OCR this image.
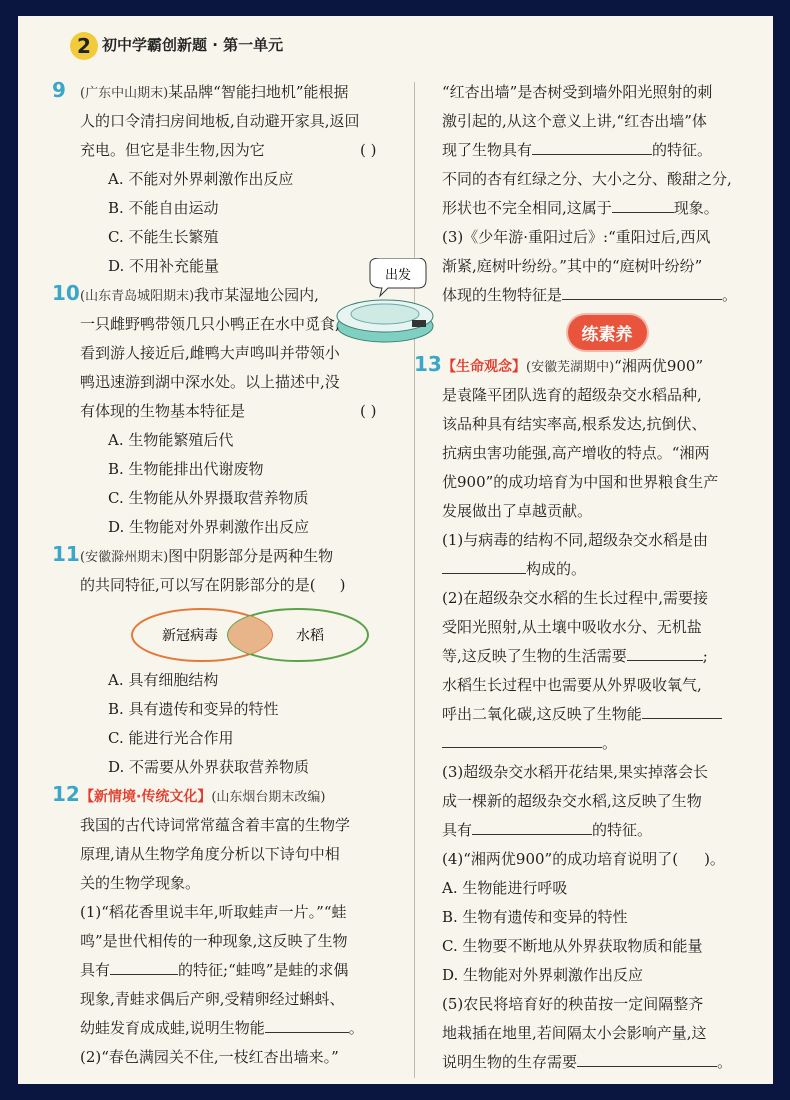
2 初中学霸创新题 · 第一单元
9 (广东中山期末)某品牌“智能扫地机”能根据
人的口令清扫房间地板,自动避开家具,返回
充电。但它是非生物,因为它	( )
A. 不能对外界刺激作出反应
B. 不能自由运动
C. 不能生长繁殖
D. 不用补充能量
出发
10 (山东青岛城阳期末)我市某湿地公园内,
一只雌野鸭带领几只小鸭正在水中觅食,
看到游人接近后,雌鸭大声鸣叫并带领小
鸭迅速游到湖中深水处。以上描述中,没
有体现的生物基本特征是	( )
A. 生物能繁殖后代
B. 生物能排出代谢废物
C. 生物能从外界摄取营养物质
D. 生物能对外界刺激作出反应
11 (安徽滁州期末)图中阴影部分是两种生物
的共同特征,可以写在阴影部分的是( )
新冠病毒	水稻
A. 具有细胞结构
B. 具有遗传和变异的特性
C. 能进行光合作用
D. 不需要从外界获取营养物质
12 【新情境·传统文化】(山东烟台期末改编)
我国的古代诗词常常蕴含着丰富的生物学
原理,请从生物学角度分析以下诗句中相
关的生物学现象。
(1)“稻花香里说丰年,听取蛙声一片。”“蛙
鸣”是世代相传的一种现象,这反映了生物
具有	的特征;“蛙鸣”是蛙的求偶
现象,青蛙求偶后产卵,受精卵经过蝌蚪、
幼蛙发育成成蛙,说明生物能	。
(2)“春色满园关不住,一枝红杏出墙来。”
“红杏出墙”是杏树受到墙外阳光照射的刺
激引起的,从这个意义上讲,“红杏出墙”体
现了生物具有	的特征。
不同的杏有红绿之分、大小之分、酸甜之分,
形状也不完全相同,这属于	现象。
(3)《少年游·重阳过后》:“重阳过后,西风
渐紧,庭树叶纷纷。”其中的“庭树叶纷纷”
体现的生物特征是	。
练素养
13 【生命观念】(安徽芜湖期中)“湘两优900”
是袁隆平团队选育的超级杂交水稻品种,
该品种具有结实率高,根系发达,抗倒伏、
抗病虫害功能强,高产增收的特点。“湘两
优900”的成功培育为中国和世界粮食生产
发展做出了卓越贡献。
(1)与病毒的结构不同,超级杂交水稻是由
构成的。
(2)在超级杂交水稻的生长过程中,需要接
受阳光照射,从土壤中吸收水分、无机盐
等,这反映了生物的生活需要	;
水稻生长过程中也需要从外界吸收氧气,
呼出二氧化碳,这反映了生物能
。
(3)超级杂交水稻开花结果,果实掉落会长
成一棵新的超级杂交水稻,这反映了生物
具有	的特征。
(4)“湘两优900”的成功培育说明了( )。
A. 生物能进行呼吸
B. 生物有遗传和变异的特性
C. 生物要不断地从外界获取物质和能量
D. 生物能对外界刺激作出反应
(5)农民将培育好的秧苗按一定间隔整齐
地栽插在地里,若间隔太小会影响产量,这
说明生物的生存需要	。
